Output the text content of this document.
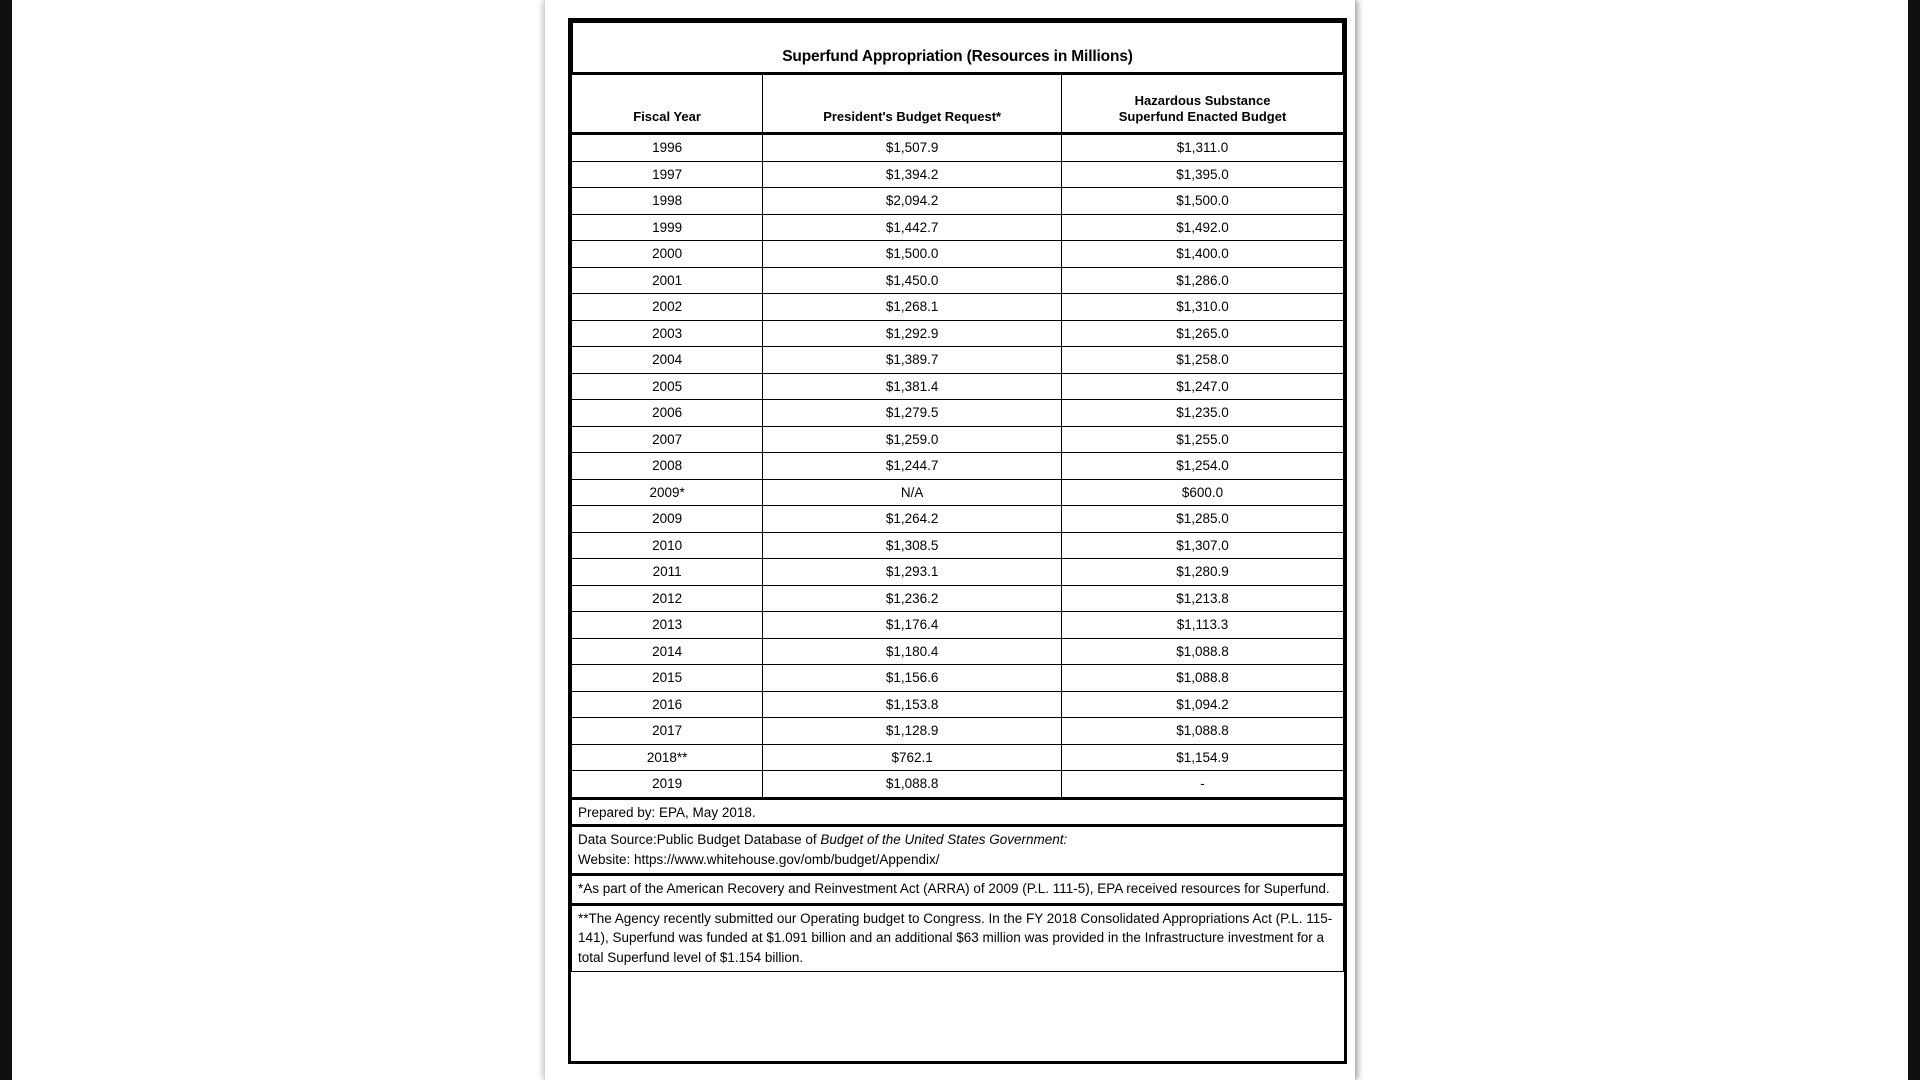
Superfund Appropriation (Resources in Millions)		
Fiscal Year	President's Budget Request*	Hazardous Substance
Superfund Enacted Budget
1996	$1,507.9	$1,311.0
1997	$1,394.2	$1,395.0
1998	$2,094.2	$1,500.0
1999	$1,442.7	$1,492.0
2000	$1,500.0	$1,400.0
2001	$1,450.0	$1,286.0
2002	$1,268.1	$1,310.0
2003	$1,292.9	$1,265.0
2004	$1,389.7	$1,258.0
2005	$1,381.4	$1,247.0
2006	$1,279.5	$1,235.0
2007	$1,259.0	$1,255.0
2008	$1,244.7	$1,254.0
2009*	N/A	$600.0
2009	$1,264.2	$1,285.0
2010	$1,308.5	$1,307.0
2011	$1,293.1	$1,280.9
2012	$1,236.2	$1,213.8
2013	$1,176.4	$1,113.3
2014	$1,180.4	$1,088.8
2015	$1,156.6	$1,088.8
2016	$1,153.8	$1,094.2
2017	$1,128.9	$1,088.8
2018**	$762.1	$1,154.9
2019	$1,088.8	-
Prepared by: EPA, May 2018.		
Data Source:Public Budget Database of Budget of the United States Government:
Website: https://www.whitehouse.gov/omb/budget/Appendix/		
*As part of the American Recovery and Reinvestment Act (ARRA) of 2009 (P.L. 111-5), EPA received resources for Superfund.		
**The Agency recently submitted our Operating budget to Congress. In the FY 2018 Consolidated Appropriations Act (P.L. 115-141), Superfund was funded at $1.091 billion and an additional $63 million was provided in the Infrastructure investment for a total Superfund level of $1.154 billion.		
